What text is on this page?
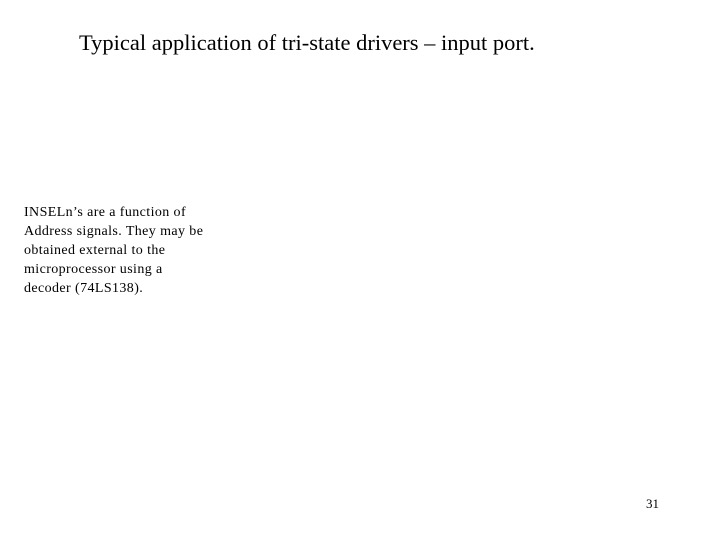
Typical application of tri-state drivers – input port.
INSELn’s are a function of
Address signals. They may be
obtained external to the
microprocessor using a
decoder (74LS138).
31
